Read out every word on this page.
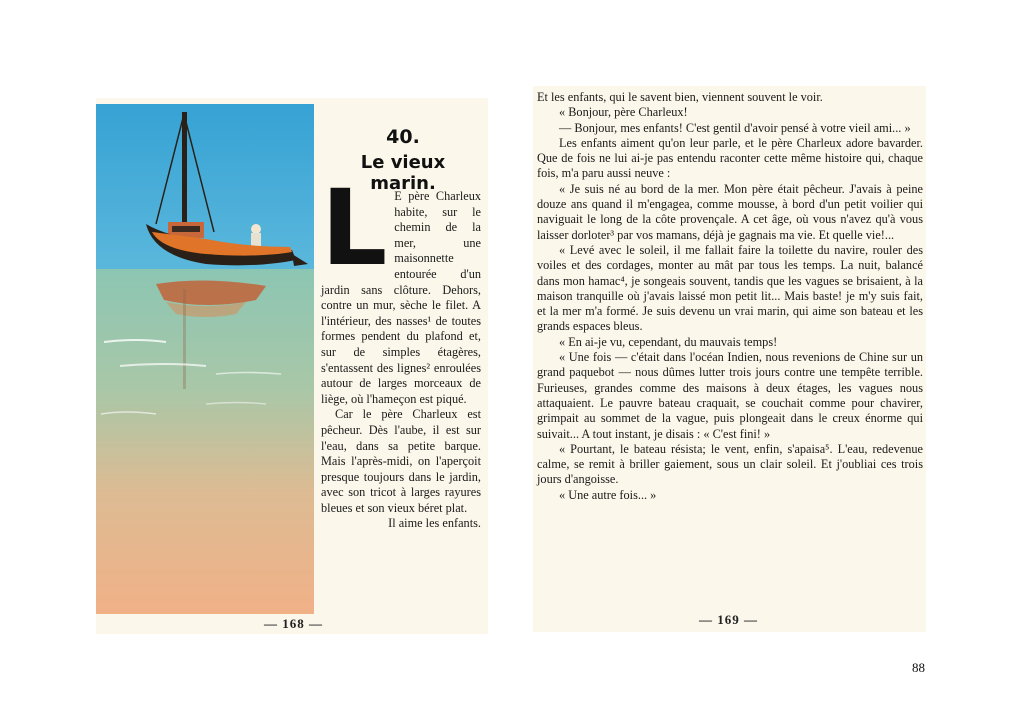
40.
Le vieux marin.
L E père Charleux habite, sur le chemin de la mer, une maisonnette entourée d'un jardin sans clôture. Dehors, contre un mur, sèche le filet. A l'intérieur, des nasses¹ de toutes formes pendent du plafond et, sur de simples étagères, s'entassent des lignes² enroulées autour de larges morceaux de liège, où l'hameçon est piqué.

Car le père Charleux est pêcheur. Dès l'aube, il est sur l'eau, dans sa petite barque. Mais l'après-midi, on l'aperçoit presque toujours dans le jardin, avec son tricot à larges rayures bleues et son vieux béret plat.

Il aime les enfants.

— 168 —

Et les enfants, qui le savent bien, viennent souvent le voir.

« Bonjour, père Charleux!

— Bonjour, mes enfants! C'est gentil d'avoir pensé à votre vieil ami... »

Les enfants aiment qu'on leur parle, et le père Charleux adore bavarder. Que de fois ne lui ai-je pas entendu raconter cette même histoire qui, chaque fois, m'a paru aussi neuve :

« Je suis né au bord de la mer. Mon père était pêcheur. J'avais à peine douze ans quand il m'engagea, comme mousse, à bord d'un petit voilier qui naviguait le long de la côte provençale. A cet âge, où vous n'avez qu'à vous laisser dorloter³ par vos mamans, déjà je gagnais ma vie. Et quelle vie!...

« Levé avec le soleil, il me fallait faire la toilette du navire, rouler des voiles et des cordages, monter au mât par tous les temps. La nuit, balancé dans mon hamac⁴, je songeais souvent, tandis que les vagues se brisaient, à la maison tranquille où j'avais laissé mon petit lit... Mais baste! je m'y suis fait, et la mer m'a formé. Je suis devenu un vrai marin, qui aime son bateau et les grands espaces bleus.

« En ai-je vu, cependant, du mauvais temps!

« Une fois — c'était dans l'océan Indien, nous revenions de Chine sur un grand paquebot — nous dûmes lutter trois jours contre une tempête terrible. Furieuses, grandes comme des maisons à deux étages, les vagues nous attaquaient. Le pauvre bateau craquait, se couchait comme pour chavirer, grimpait au sommet de la vague, puis plongeait dans le creux énorme qui suivait... A tout instant, je disais : « C'est fini! »

« Pourtant, le bateau résista; le vent, enfin, s'apaisa⁵. L'eau, redevenue calme, se remit à briller gaiement, sous un clair soleil. Et j'oubliai ces trois jours d'angoisse.

« Une autre fois... »

— 169 —
88
